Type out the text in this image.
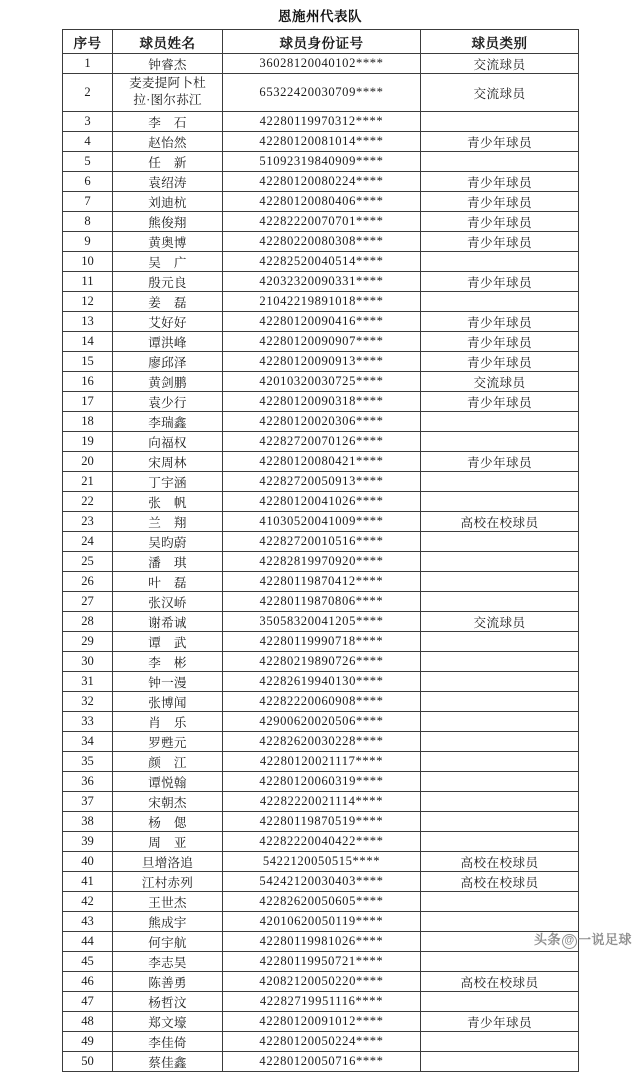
恩施州代表队
序号	球员姓名	球员身份证号	球员类别
1	钟睿杰	36028120040102****	交流球员
2	麦麦提阿卜杜
拉·图尔荪江	65322420030709****	交流球员
3	李　石	42280119970312****	
4	赵怡然	42280120081014****	青少年球员
5	任　新	51092319840909****	
6	袁绍涛	42280120080224****	青少年球员
7	刘迪杭	42280120080406****	青少年球员
8	熊俊翔	42282220070701****	青少年球员
9	黄奥博	42280220080308****	青少年球员
10	吴　广	42282520040514****	
11	殷元良	42032320090331****	青少年球员
12	姜　磊	21042219891018****	
13	艾好好	42280120090416****	青少年球员
14	谭洪峰	42280120090907****	青少年球员
15	廖邱泽	42280120090913****	青少年球员
16	黄剑鹏	42010320030725****	交流球员
17	袁少行	42280120090318****	青少年球员
18	李瑞鑫	42280120020306****	
19	向福权	42282720070126****	
20	宋周林	42280120080421****	青少年球员
21	丁宇涵	42282720050913****	
22	张　帆	42280120041026****	
23	兰　翔	41030520041009****	高校在校球员
24	吴昀蔚	42282720010516****	
25	潘　琪	42282819970920****	
26	叶　磊	42280119870412****	
27	张汉峤	42280119870806****	
28	谢希诚	35058320041205****	交流球员
29	谭　武	42280119990718****	
30	李　彬	42280219890726****	
31	钟一漫	42282619940130****	
32	张博闻	42282220060908****	
33	肖　乐	42900620020506****	
34	罗甦元	42282620030228****	
35	颜　江	42280120021117****	
36	谭悦翰	42280120060319****	
37	宋朝杰	42282220021114****	
38	杨　偲	42280119870519****	
39	周　亚	42282220040422****	
40	旦增洛追	5422120050515****	高校在校球员
41	江村赤列	54242120030403****	高校在校球员
42	王世杰	42282620050605****	
43	熊成宇	42010620050119****	
44	何宇航	42280119981026****	
45	李志昊	42280119950721****	
46	陈善勇	42082120050220****	高校在校球员
47	杨哲汶	42282719951116****	
48	郑文壕	42280120091012****	青少年球员
49	李佳倚	42280120050224****	
50	蔡佳鑫	42280120050716****	
头条 @ 一说足球
